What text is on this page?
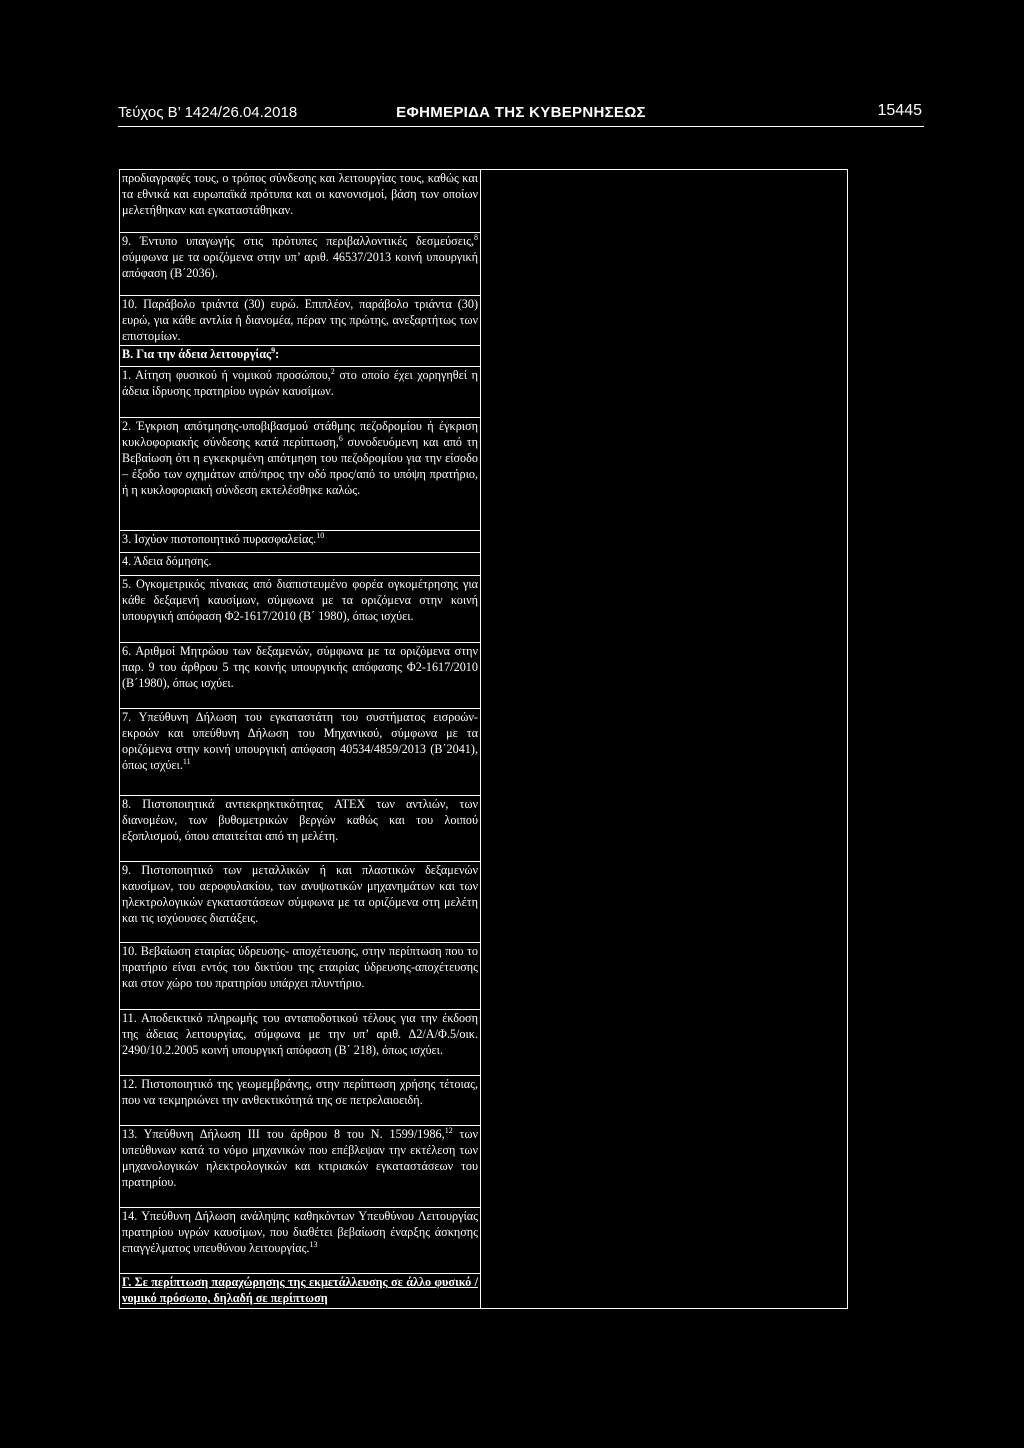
Τεύχος Β’ 1424/26.04.2018	ΕΦΗΜΕΡΙΔΑ ΤΗΣ ΚΥΒΕΡΝΗΣΕΩΣ	15445
προδιαγραφές τους, ο τρόπος σύνδεσης και λειτουργίας τους, καθώς και τα εθνικά και ευρωπαϊκά πρότυπα και οι κανονισμοί, βάση των οποίων μελετήθηκαν και εγκαταστάθηκαν.	
9. Έντυπο υπαγωγής στις πρότυπες περιβαλλοντικές δεσμεύσεις,$^8$ σύμφωνα με τα οριζόμενα στην υπ’ αριθ. 46537/2013 κοινή υπουργική απόφαση (Β΄2036).
10. Παράβολο τριάντα (30) ευρώ. Επιπλέον, παράβολο τριάντα (30) ευρώ, για κάθε αντλία ή διανομέα, πέραν της πρώτης, ανεξαρτήτως των επιστομίων.
Β. Για την άδεια λειτουργίας$^9$:
1. Αίτηση φυσικού ή νομικού προσώπου,$^2$ στο οποίο έχει χορηγηθεί η άδεια ίδρυσης πρατηρίου υγρών καυσίμων.
2. Έγκριση απότμησης-υποβιβασμού στάθμης πεζοδρομίου ή έγκριση κυκλοφοριακής σύνδεσης κατά περίπτωση,$^6$ συνοδευόμενη και από τη Βεβαίωση ότι η εγκεκριμένη απότμηση του πεζοδρομίου για την είσοδο – έξοδο των οχημάτων από/προς την οδό προς/από το υπόψη πρατήριο, ή η κυκλοφοριακή σύνδεση εκτελέσθηκε καλώς.
3. Ισχύον πιστοποιητικό πυρασφαλείας.$^{10}$
4. Άδεια δόμησης.
5. Ογκομετρικός πίνακας από διαπιστευμένο φορέα ογκομέτρησης για κάθε δεξαμενή καυσίμων, σύμφωνα με τα οριζόμενα στην κοινή υπουργική απόφαση Φ2-1617/2010 (Β΄ 1980), όπως ισχύει.
6. Αριθμοί Μητρώου των δεξαμενών, σύμφωνα με τα οριζόμενα στην παρ. 9 του άρθρου 5 της κοινής υπουργικής απόφασης Φ2-1617/2010 (Β΄1980), όπως ισχύει.
7. Υπεύθυνη Δήλωση του εγκαταστάτη του συστήματος εισροών-εκροών και υπεύθυνη Δήλωση του Μηχανικού, σύμφωνα με τα οριζόμενα στην κοινή υπουργική απόφαση 40534/4859/2013 (Β΄2041), όπως ισχύει.$^{11}$
8. Πιστοποιητικά αντιεκρηκτικότητας ATEX των αντλιών, των διανομέων, των βυθομετρικών βεργών καθώς και του λοιπού εξοπλισμού, όπου απαιτείται από τη μελέτη.
9. Πιστοποιητικό των μεταλλικών ή και πλαστικών δεξαμενών καυσίμων, του αεροφυλακίου, των ανυψωτικών μηχανημάτων και των ηλεκτρολογικών εγκαταστάσεων σύμφωνα με τα οριζόμενα στη μελέτη και τις ισχύουσες διατάξεις.
10. Βεβαίωση εταιρίας ύδρευσης- αποχέτευσης, στην περίπτωση που το πρατήριο είναι εντός του δικτύου της εταιρίας ύδρευσης-αποχέτευσης και στον χώρο του πρατηρίου υπάρχει πλυντήριο.
11. Αποδεικτικό πληρωμής του ανταποδοτικού τέλους για την έκδοση της άδειας λειτουργίας, σύμφωνα με την υπ’ αριθ. Δ2/Α/Φ.5/οικ. 2490/10.2.2005 κοινή υπουργική απόφαση (Β΄ 218), όπως ισχύει.
12. Πιστοποιητικό της γεωμεμβράνης, στην περίπτωση χρήσης τέτοιας, που να τεκμηριώνει την ανθεκτικότητά της σε πετρελαιοειδή.
13. Υπεύθυνη Δήλωση ΙΙΙ του άρθρου 8 του Ν. 1599/1986,12 των υπεύθυνων κατά το νόμο μηχανικών που επέβλεψαν την εκτέλεση των μηχανολογικών ηλεκτρολογικών και κτιριακών εγκαταστάσεων του πρατηρίου.
14. Υπεύθυνη Δήλωση ανάληψης καθηκόντων Υπευθύνου Λειτουργίας πρατηρίου υγρών καυσίμων, που διαθέτει βεβαίωση έναρξης άσκησης επαγγέλματος υπευθύνου λειτουργίας.$^{13}$
Γ. Σε περίπτωση παραχώρησης της εκμετάλλευσης σε άλλο φυσικό /νομικό πρόσωπο, δηλαδή σε περίπτωση
